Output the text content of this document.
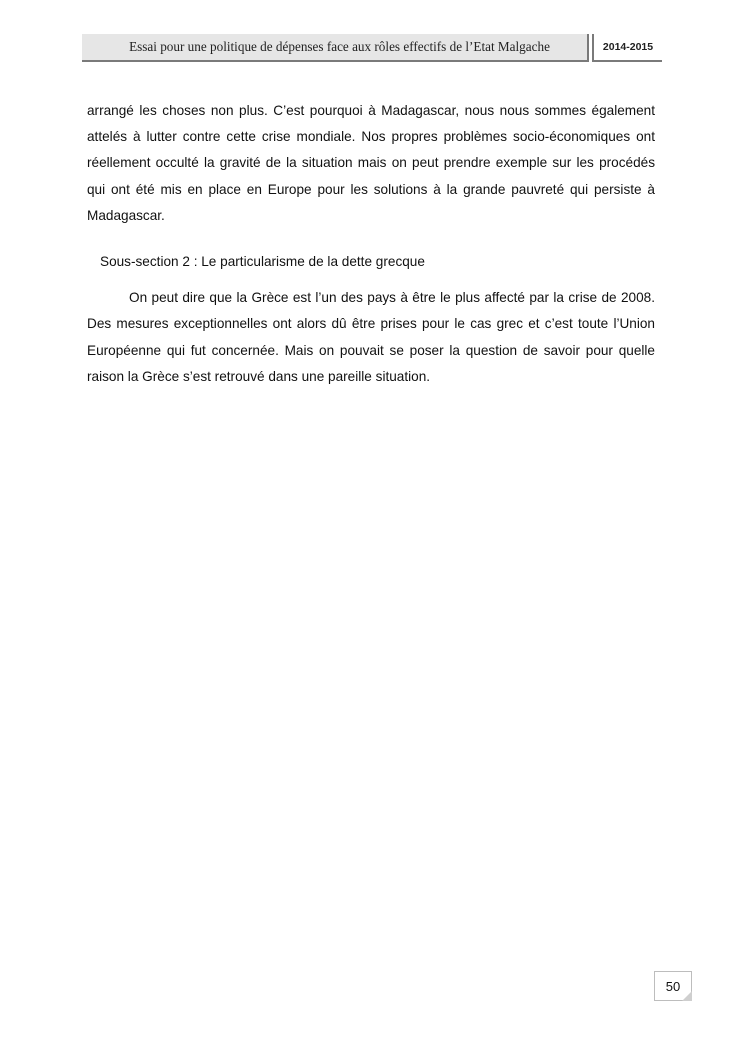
Essai pour une politique de dépenses face aux rôles effectifs de l’Etat Malgache	2014-2015

arrangé les choses non plus. C’est pourquoi à Madagascar, nous nous sommes également attelés à lutter contre cette crise mondiale. Nos propres problèmes socio-économiques ont réellement occulté la gravité de la situation mais on peut prendre exemple sur les procédés qui ont été mis en place en Europe pour les solutions à la grande pauvreté qui persiste à Madagascar.

Sous-section 2 : Le particularisme de la dette grecque

On peut dire que la Grèce est l’un des pays à être le plus affecté par la crise de 2008. Des mesures exceptionnelles ont alors dû être prises pour le cas grec et c’est toute l’Union Européenne qui fut concernée. Mais on pouvait se poser la question de savoir pour quelle raison la Grèce s’est retrouvé dans une pareille situation.

50
